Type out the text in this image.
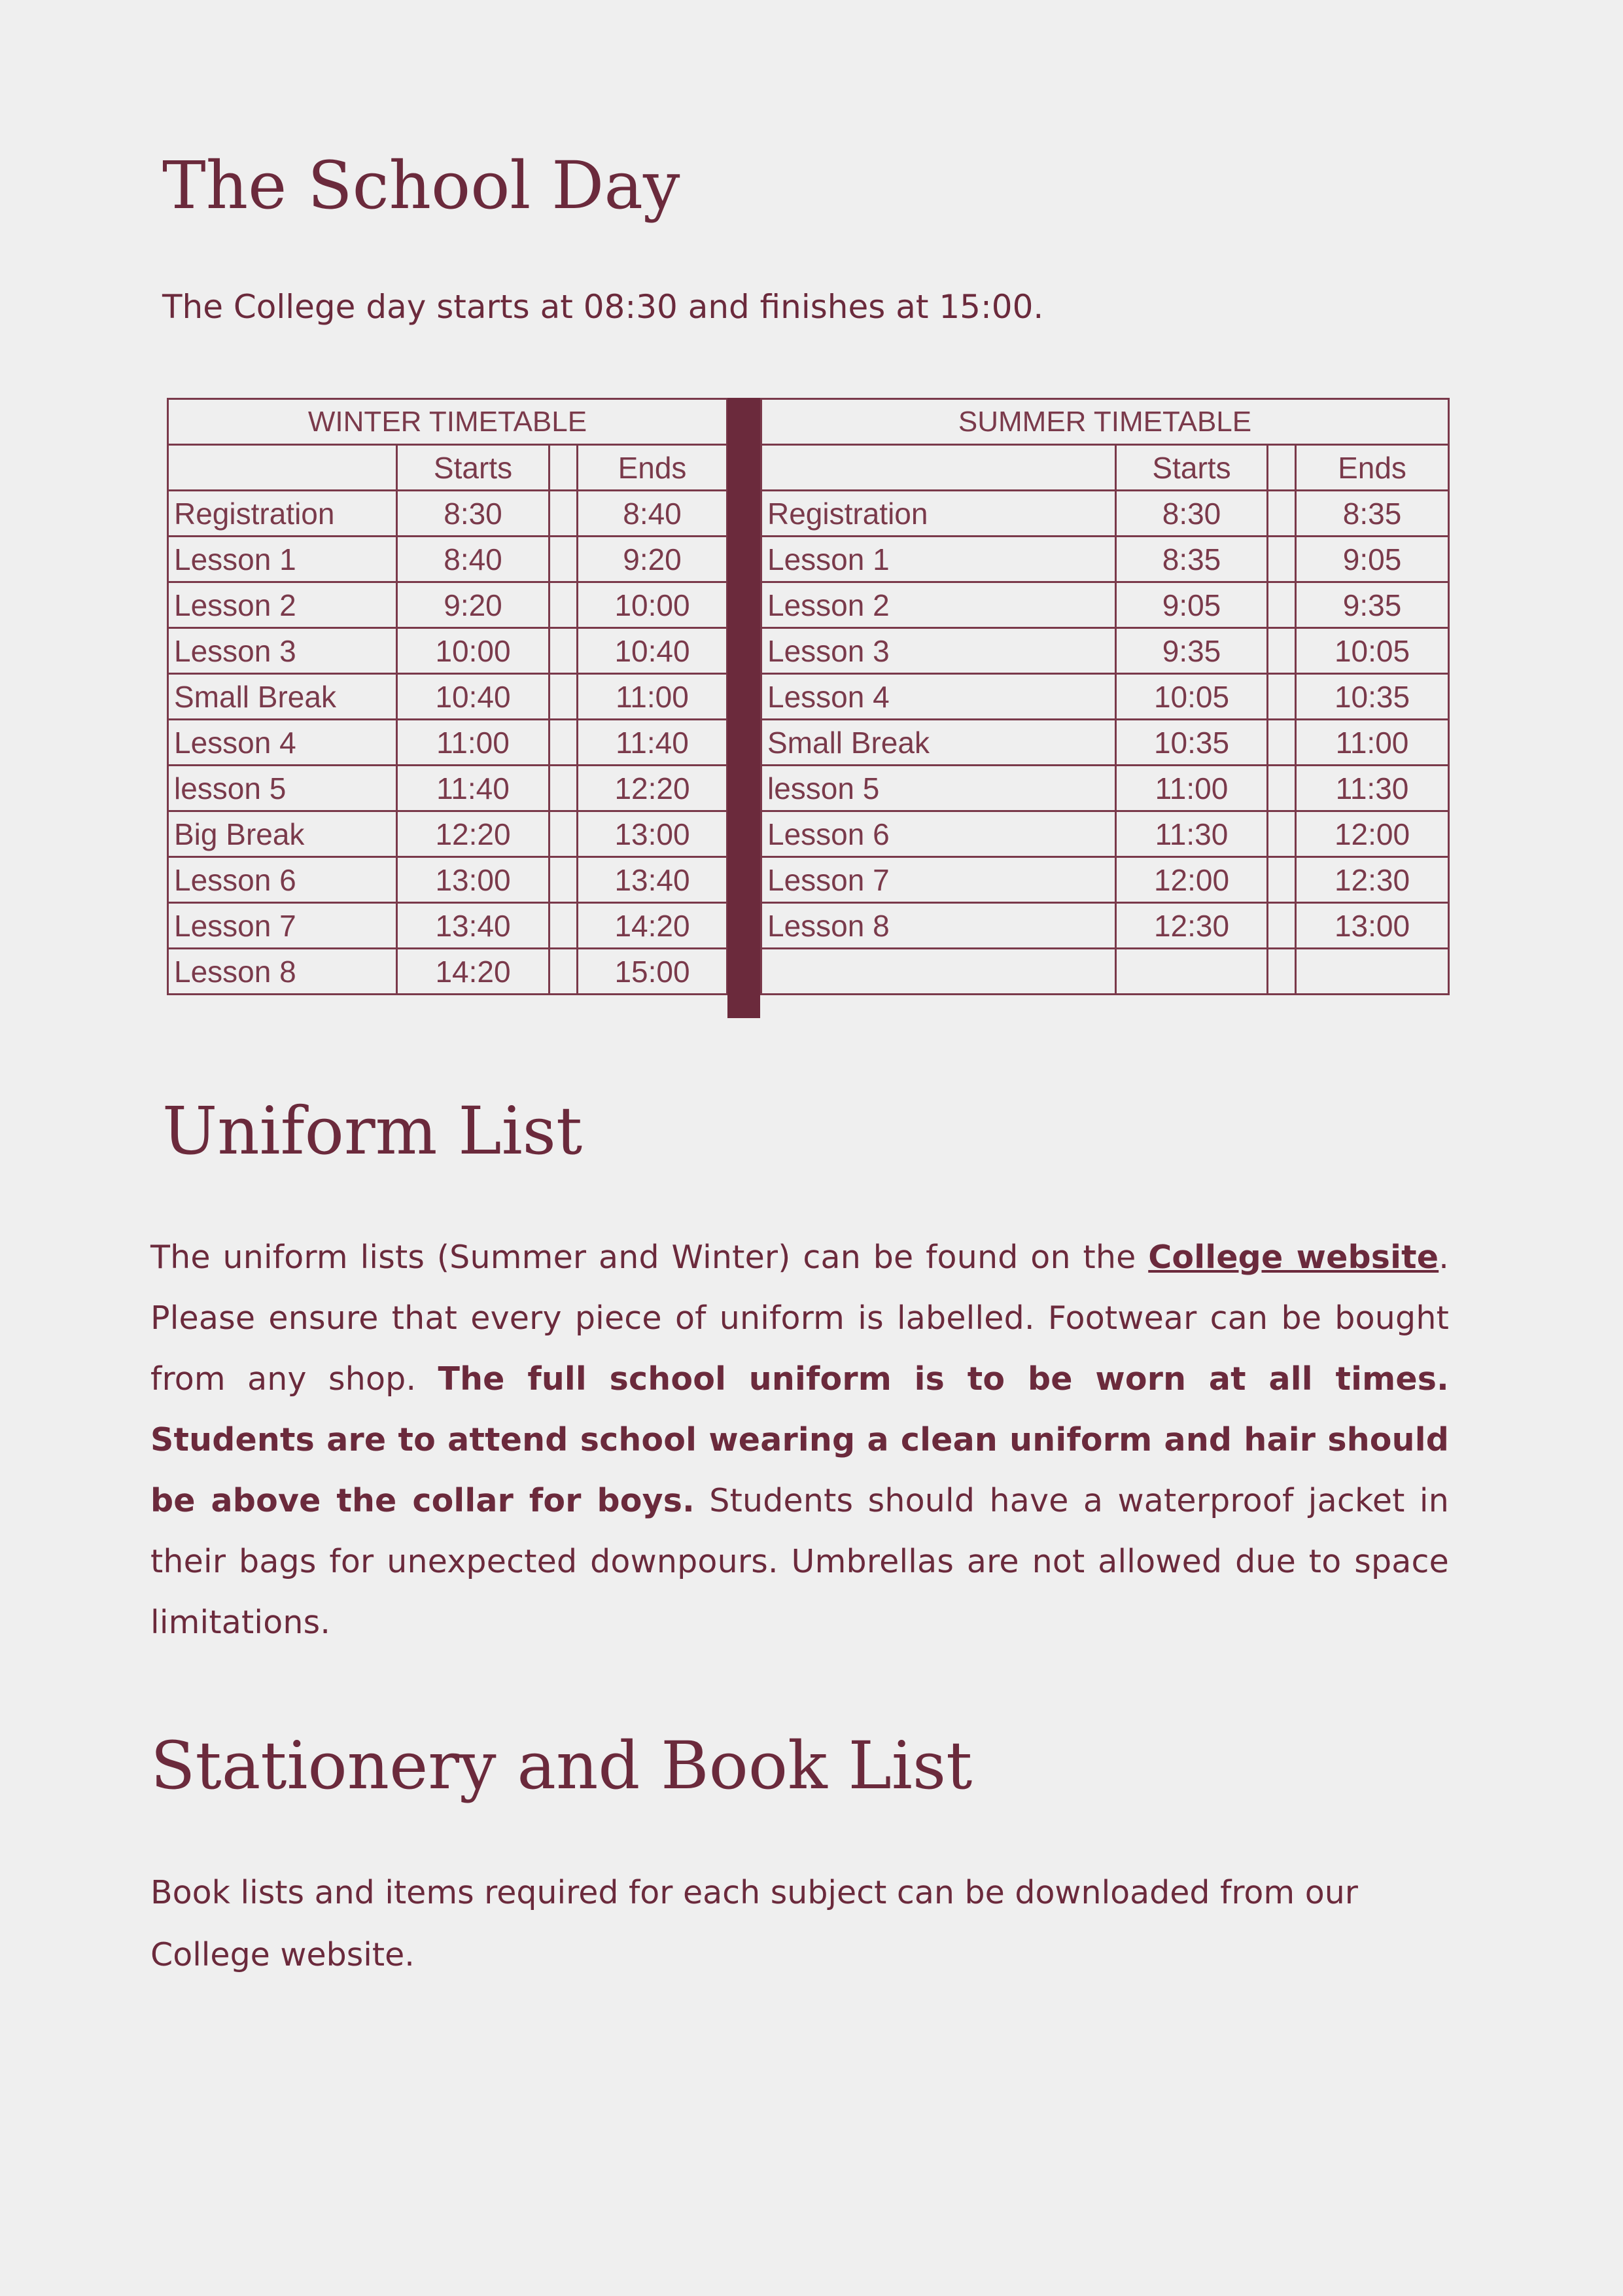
The School Day

The College day starts at 08:30 and finishes at 15:00.

WINTER TIMETABLE			
	Starts		Ends
Registration	8:30		8:40
Lesson 1	8:40		9:20
Lesson 2	9:20		10:00
Lesson 3	10:00		10:40
Small Break	10:40		11:00
Lesson 4	11:00		11:40
lesson 5	11:40		12:20
Big Break	12:20		13:00
Lesson 6	13:00		13:40
Lesson 7	13:40		14:20
Lesson 8	14:20		15:00
SUMMER TIMETABLE			
	Starts		Ends
Registration	8:30		8:35
Lesson 1	8:35		9:05
Lesson 2	9:05		9:35
Lesson 3	9:35		10:05
Lesson 4	10:05		10:35
Small Break	10:35		11:00
lesson 5	11:00		11:30
Lesson 6	11:30		12:00
Lesson 7	12:00		12:30
Lesson 8	12:30		13:00

Uniform List

The uniform lists (Summer and Winter) can be found on the College website. Please ensure that every piece of uniform is labelled. Footwear can be bought from any shop. The full school uniform is to be worn at all times. Students are to attend school wearing a clean uniform and hair should be above the collar for boys. Students should have a waterproof jacket in their bags for unexpected downpours. Umbrellas are not allowed due to space limitations.

Stationery and Book List

Book lists and items required for each subject can be downloaded from our College website.
